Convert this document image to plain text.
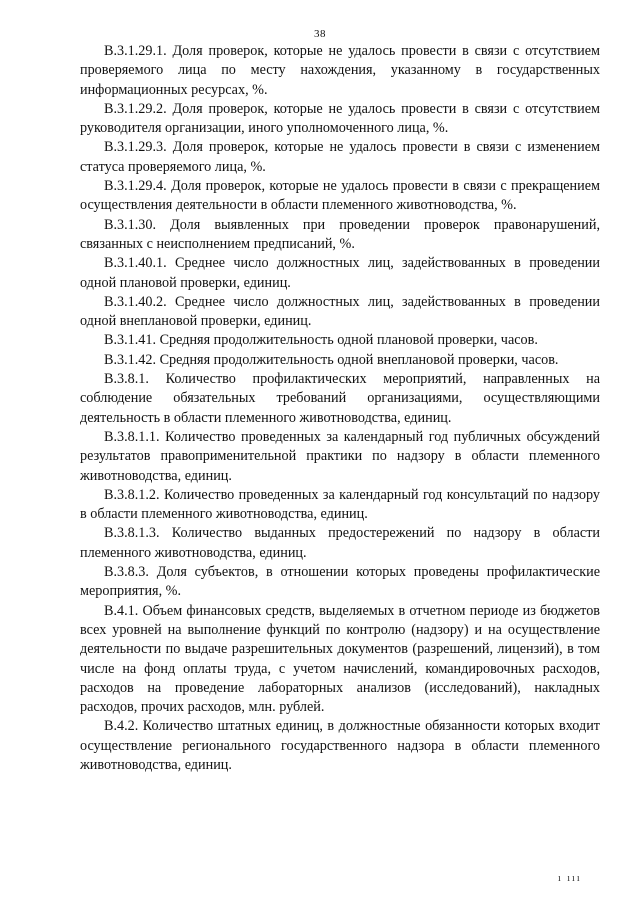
38

В.3.1.29.1. Доля проверок, которые не удалось провести в связи с отсутствием проверяемого лица по месту нахождения, указанному в государственных информационных ресурсах, %.

В.3.1.29.2. Доля проверок, которые не удалось провести в связи с отсутствием руководителя организации, иного уполномоченного лица, %.

В.3.1.29.3. Доля проверок, которые не удалось провести в связи с изменением статуса проверяемого лица, %.

В.3.1.29.4. Доля проверок, которые не удалось провести в связи с прекращением осуществления деятельности в области племенного животноводства, %.

В.3.1.30. Доля выявленных при проведении проверок правонарушений, связанных с неисполнением предписаний, %.

В.3.1.40.1. Среднее число должностных лиц, задействованных в проведении одной плановой проверки, единиц.

В.3.1.40.2. Среднее число должностных лиц, задействованных в проведении одной внеплановой проверки, единиц.

В.3.1.41. Средняя продолжительность одной плановой проверки, часов.

В.3.1.42. Средняя продолжительность одной внеплановой проверки, часов.

В.3.8.1. Количество профилактических мероприятий, направленных на соблюдение обязательных требований организациями, осуществляющими деятельность в области племенного животноводства, единиц.

В.3.8.1.1. Количество проведенных за календарный год публичных обсуждений результатов правоприменительной практики по надзору в области племенного животноводства, единиц.

В.3.8.1.2. Количество проведенных за календарный год консультаций по надзору в области племенного животноводства, единиц.

В.3.8.1.3. Количество выданных предостережений по надзору в области племенного животноводства, единиц.

В.3.8.3. Доля субъектов, в отношении которых проведены профилактические мероприятия, %.

В.4.1. Объем финансовых средств, выделяемых в отчетном периоде из бюджетов всех уровней на выполнение функций по контролю (надзору) и на осуществление деятельности по выдаче разрешительных документов (разрешений, лицензий), в том числе на фонд оплаты труда, с учетом начислений, командировочных расходов, расходов на проведение лабораторных анализов (исследований), накладных расходов, прочих расходов, млн. рублей.

В.4.2. Количество штатных единиц, в должностные обязанности которых входит осуществление регионального государственного надзора в области племенного животноводства, единиц.

ı ııı
